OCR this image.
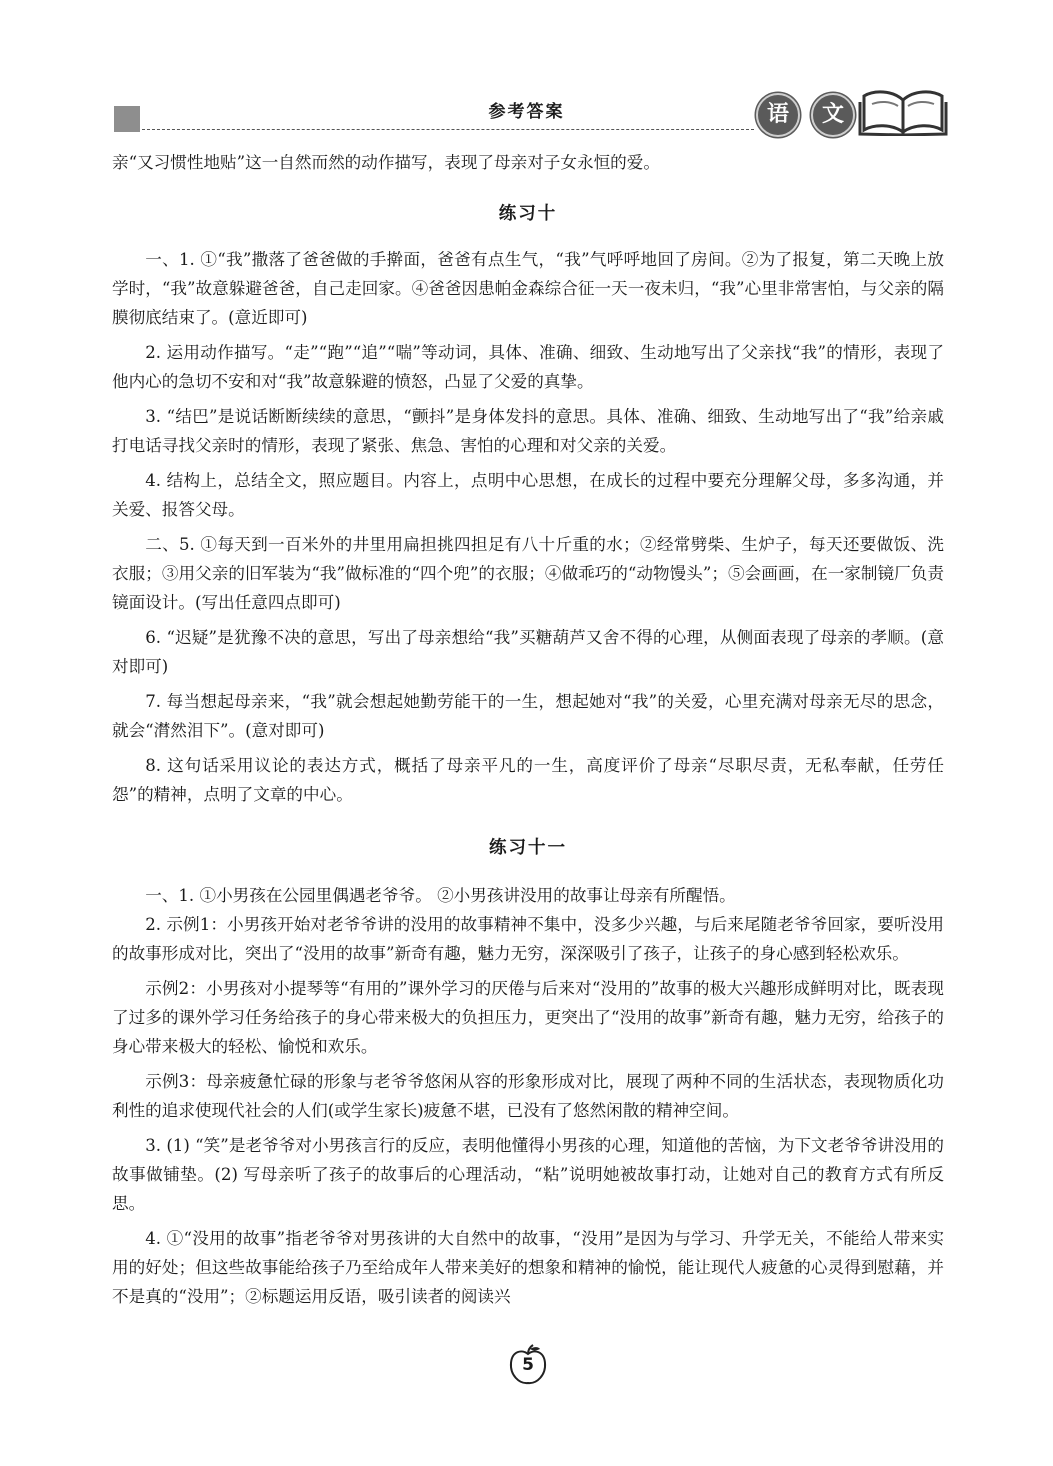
参考答案	语	文

亲“又习惯性地贴”这一自然而然的动作描写，表现了母亲对子女永恒的爱。

练习十

一、1. ①“我”撒落了爸爸做的手擀面，爸爸有点生气，“我”气呼呼地回了房间。②为了报复，第二天晚上放学时，“我”故意躲避爸爸，自己走回家。④爸爸因患帕金森综合征一天一夜未归，“我”心里非常害怕，与父亲的隔膜彻底结束了。(意近即可)

2. 运用动作描写。“走”“跑”“追”“喘”等动词，具体、准确、细致、生动地写出了父亲找“我”的情形，表现了他内心的急切不安和对“我”故意躲避的愤怒，凸显了父爱的真挚。

3. “结巴”是说话断断续续的意思，“颤抖”是身体发抖的意思。具体、准确、细致、生动地写出了“我”给亲戚打电话寻找父亲时的情形，表现了紧张、焦急、害怕的心理和对父亲的关爱。

4. 结构上，总结全文，照应题目。内容上，点明中心思想，在成长的过程中要充分理解父母，多多沟通，并关爱、报答父母。

二、5. ①每天到一百米外的井里用扁担挑四担足有八十斤重的水；②经常劈柴、生炉子，每天还要做饭、洗衣服；③用父亲的旧军装为“我”做标准的“四个兜”的衣服；④做乖巧的“动物馒头”；⑤会画画，在一家制镜厂负责镜面设计。(写出任意四点即可)

6. “迟疑”是犹豫不决的意思，写出了母亲想给“我”买糖葫芦又舍不得的心理，从侧面表现了母亲的孝顺。(意对即可)

7. 每当想起母亲来，“我”就会想起她勤劳能干的一生，想起她对“我”的关爱，心里充满对母亲无尽的思念，就会“潸然泪下”。(意对即可)

8. 这句话采用议论的表达方式，概括了母亲平凡的一生，高度评价了母亲“尽职尽责，无私奉献，任劳任怨”的精神，点明了文章的中心。

练习十一

一、1. ①小男孩在公园里偶遇老爷爷。 ②小男孩讲没用的故事让母亲有所醒悟。

2. 示例1：小男孩开始对老爷爷讲的没用的故事精神不集中，没多少兴趣，与后来尾随老爷爷回家，要听没用的故事形成对比，突出了“没用的故事”新奇有趣，魅力无穷，深深吸引了孩子，让孩子的身心感到轻松欢乐。

示例2：小男孩对小提琴等“有用的”课外学习的厌倦与后来对“没用的”故事的极大兴趣形成鲜明对比，既表现了过多的课外学习任务给孩子的身心带来极大的负担压力，更突出了“没用的故事”新奇有趣，魅力无穷，给孩子的身心带来极大的轻松、愉悦和欢乐。

示例3：母亲疲惫忙碌的形象与老爷爷悠闲从容的形象形成对比，展现了两种不同的生活状态，表现物质化功利性的追求使现代社会的人们(或学生家长)疲惫不堪，已没有了悠然闲散的精神空间。

3. (1) “笑”是老爷爷对小男孩言行的反应，表明他懂得小男孩的心理，知道他的苦恼，为下文老爷爷讲没用的故事做铺垫。(2) 写母亲听了孩子的故事后的心理活动，“粘”说明她被故事打动，让她对自己的教育方式有所反思。

4. ①“没用的故事”指老爷爷对男孩讲的大自然中的故事，“没用”是因为与学习、升学无关，不能给人带来实用的好处；但这些故事能给孩子乃至给成年人带来美好的想象和精神的愉悦，能让现代人疲惫的心灵得到慰藉，并不是真的“没用”；②标题运用反语，吸引读者的阅读兴

5
